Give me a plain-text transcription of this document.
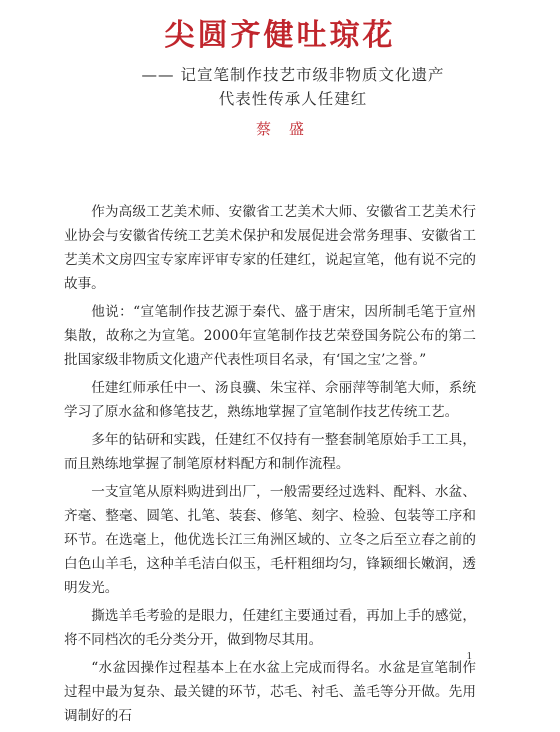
尖圆齐健吐琼花
—— 记宣笔制作技艺市级非物质文化遗产
代表性传承人任建红
蔡盛

作为高级工艺美术师、安徽省工艺美术大师、安徽省工艺美术行业协会与安徽省传统工艺美术保护和发展促进会常务理事、安徽省工艺美术文房四宝专家库评审专家的任建红，说起宣笔，他有说不完的故事。

他说：“宣笔制作技艺源于秦代、盛于唐宋，因所制毛笔于宣州集散，故称之为宣笔。2000年宣笔制作技艺荣登国务院公布的第二批国家级非物质文化遗产代表性项目名录，有‘国之宝’之誉。”

任建红师承任中一、汤良骥、朱宝祥、佘丽萍等制笔大师，系统学习了原水盆和修笔技艺，熟练地掌握了宣笔制作技艺传统工艺。

多年的钻研和实践，任建红不仅持有一整套制笔原始手工工具，而且熟练地掌握了制笔原材料配方和制作流程。

一支宣笔从原料购进到出厂，一般需要经过选料、配料、水盆、齐毫、整毫、圆笔、扎笔、装套、修笔、刻字、检验、包装等工序和环节。在选毫上，他优选长江三角洲区域的、立冬之后至立春之前的白色山羊毛，这种羊毛洁白似玉，毛杆粗细均匀，锋颖细长嫩润，透明发光。

撕选羊毛考验的是眼力，任建红主要通过看，再加上手的感觉，将不同档次的毛分类分开，做到物尽其用。

“水盆因操作过程基本上在水盆上完成而得名。水盆是宣笔制作过程中最为复杂、最关键的环节，芯毛、衬毛、盖毛等分开做。先用调制好的石

1
